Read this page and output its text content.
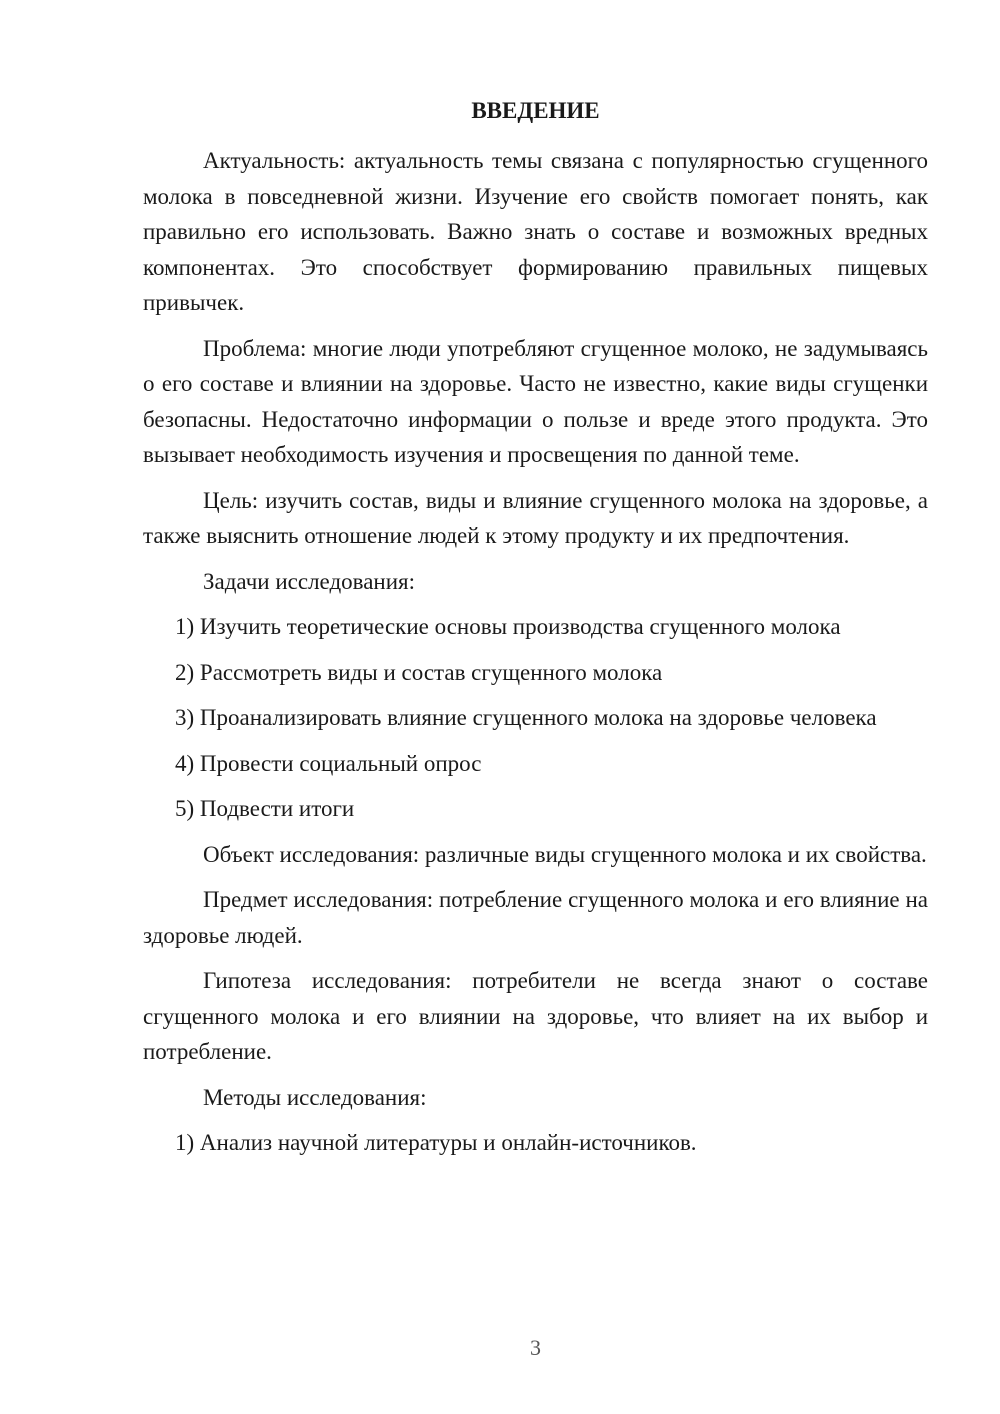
ВВЕДЕНИЕ

Актуальность: актуальность темы связана с популярностью сгущенного молока в повседневной жизни. Изучение его свойств помогает понять, как правильно его использовать. Важно знать о составе и возможных вредных компонентах. Это способствует формированию правильных пищевых привычек.

Проблема: многие люди употребляют сгущенное молоко, не задумываясь о его составе и влиянии на здоровье. Часто не известно, какие виды сгущенки безопасны. Недостаточно информации о пользе и вреде этого продукта. Это вызывает необходимость изучения и просвещения по данной теме.

Цель: изучить состав, виды и влияние сгущенного молока на здоровье, а также выяснить отношение людей к этому продукту и их предпочтения.

Задачи исследования:

1) Изучить теоретические основы производства сгущенного молока

2) Рассмотреть виды и состав сгущенного молока

3) Проанализировать влияние сгущенного молока на здоровье человека

4) Провести социальный опрос

5) Подвести итоги

Объект исследования: различные виды сгущенного молока и их свойства.

Предмет исследования: потребление сгущенного молока и его влияние на здоровье людей.

Гипотеза исследования: потребители не всегда знают о составе сгущенного молока и его влиянии на здоровье, что влияет на их выбор и потребление.

Методы исследования:

1) Анализ научной литературы и онлайн-источников.

3
